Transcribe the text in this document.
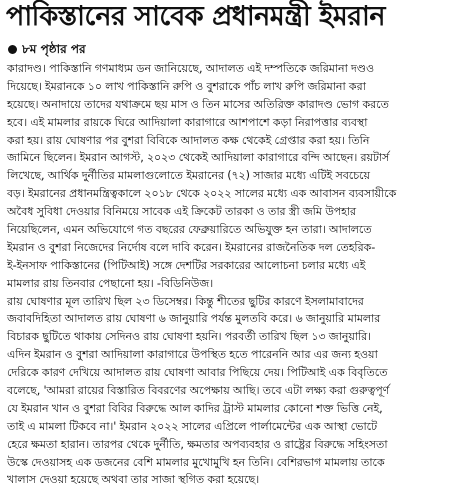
পাকিস্তানের সাবেক প্রধানমন্ত্রী ইমরান
৮ম পৃষ্ঠার পর
কারাদণ্ড। পাকিস্তানি গণমাধ্যম ডন জানিয়েছে, আদালত এই দম্পতিকে জরিমানা দণ্ডও
দিয়েছে। ইমরানকে ১০ লাখ পাকিস্তানি রুপি ও বুশরাকে পাঁচ লাখ রুপি জরিমানা করা
হয়েছে। অনাদায়ে তাদের যথাক্রমে ছয় মাস ও তিন মাসের অতিরিক্ত কারাদণ্ড ভোগ করতে
হবে। এই মামলার রায়কে ঘিরে আদিয়ালা কারাগারে আশপাশে কড়া নিরাপত্তার ব্যবস্থা
করা হয়। রায় ঘোষণার পর বুশরা বিবিকে আদালত কক্ষ থেকেই গ্রেপ্তার করা হয়। তিনি
জামিনে ছিলেন। ইমরান আগস্ট, ২০২৩ থেকেই আদিয়ালা কারাগারে বন্দি আছেন। রয়টার্স
লিখেছে, আর্থিক দুর্নীতির মামলাগুলোতে ইমরানের (৭২) সাজার মধ্যে এটিই সবচেয়ে
বড়। ইমরানের প্রধানমন্ত্রিত্বকালে ২০১৮ থেকে ২০২২ সালের মধ্যে এক আবাসন ব্যবসায়ীকে
অবৈধ সুবিধা দেওয়ার বিনিময়ে সাবেক এই ক্রিকেট তারকা ও তার স্ত্রী জমি উপহার
নিয়েছিলেন, এমন অভিযোগে গত বছরের ফেব্রুয়ারিতে অভিযুক্ত হন তারা। আদালতে
ইমরান ও বুশরা নিজেদের নির্দোষ বলে দাবি করেন। ইমরানের রাজনৈতিক দল তেহরিক-
ই-ইনসাফ পাকিস্তানের (পিটিআই) সঙ্গে দেশটির সরকারের আলোচনা চলার মধ্যে এই
মামলার রায় তিনবার পেছানো হয়। -বিডিনিউজ।
রায় ঘোষণার মূল তারিখ ছিল ২৩ ডিসেম্বর। কিন্তু শীতের ছুটির কারণে ইসলামাবাদের
জবাবদিহিতা আদালত রায় ঘোষণা ৬ জানুয়ারি পর্যন্ত মুলতবি করে। ৬ জানুয়ারি মামলার
বিচারক ছুটিতে থাকায় সেদিনও রায় ঘোষণা হয়নি। পরবর্তী তারিখ ছিল ১৩ জানুয়ারি।
এদিন ইমরান ও বুশরা আদিয়ালা কারাগারে উপস্থিত হতে পারেননি আর এর জন্য হওয়া
দেরিকে কারণ দেখিয়ে আদালত রায় ঘোষণা আবার পিছিয়ে দেয়। পিটিআই এক বিবৃতিতে
বলেছে, 'আমরা রায়ের বিস্তারিত বিবরণের অপেক্ষায় আছি। তবে এটা লক্ষ্য করা গুরুত্বপূর্ণ
যে ইমরান খান ও বুশরা বিবির বিরুদ্ধে আল কাদির ট্রাস্ট মামলার কোনো শক্ত ভিত্তি নেই,
তাই এ মামলা টিকবে না।' ইমরান ২০২২ সালের এপ্রিলে পার্লামেন্টের এক আস্থা ভোটে
হেরে ক্ষমতা হারান। তারপর থেকে দুর্নীতি, ক্ষমতার অপব্যবহার ও রাষ্ট্রের বিরুদ্ধে সহিংসতা
উস্কে দেওয়াসহ এক ডজনের বেশি মামলার মুখোমুখি হন তিনি। বেশিরভাগ মামলায় তাকে
খালাস দেওয়া হয়েছে অথবা তার সাজা স্থগিত করা হয়েছে।
